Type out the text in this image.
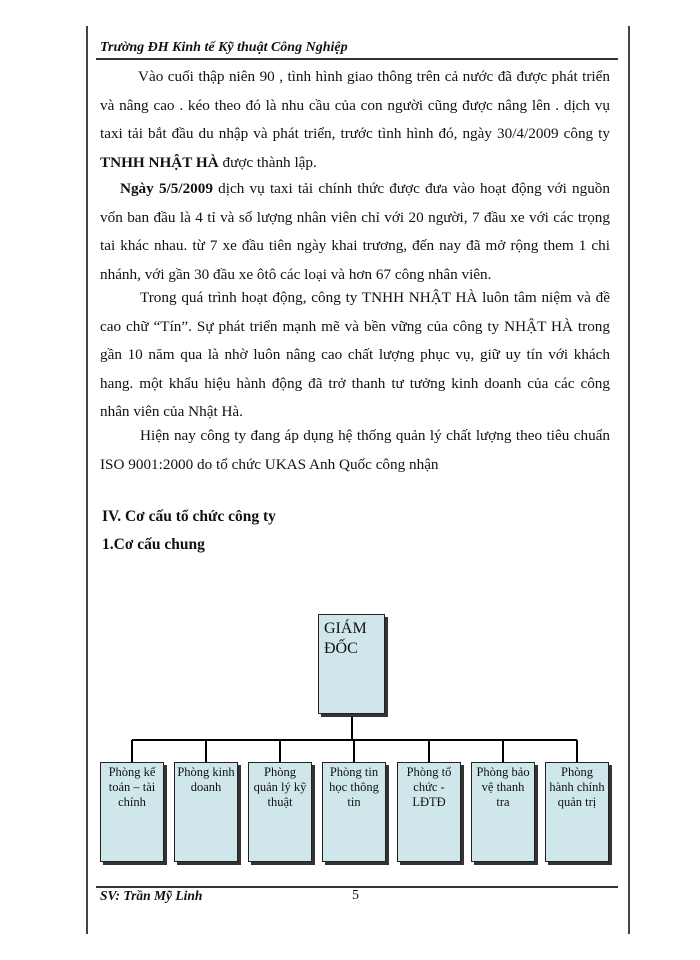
Trường ĐH Kinh tế Kỹ thuật Công Nghiệp

Vào cuối thập niên 90 , tình hình giao thông trên cả nước đã được phát triển và nâng cao . kéo theo đó là nhu cầu của con người cũng được nâng lên . dịch vụ taxi tải bắt đầu du nhập và phát triển, trước tình hình đó, ngày 30/4/2009 công ty TNHH NHẬT HÀ được thành lập.

Ngày 5/5/2009 dịch vụ taxi tải chính thức được đưa vào hoạt động với nguồn vốn ban đầu là 4 tỉ và số lượng nhân viên chỉ với 20 người, 7 đầu xe với các trọng tai khác nhau. từ 7 xe đầu tiên ngày khai trương, đến nay đã mở rộng them 1 chi nhánh, với gần 30 đầu xe ôtô các loại và hơn 67 công nhân viên.

Trong quá trình hoạt động, công ty TNHH NHẬT HÀ luôn tâm niệm và đề cao chữ “Tín”. Sự phát triển mạnh mẽ và bền vững của công ty NHẬT HÀ trong gần 10 năm qua là nhờ luôn nâng cao chất lượng phục vụ, giữ uy tín với khách hang. một khẩu hiệu hành động đã trở thanh tư tưởng kinh doanh của các công nhân viên của Nhật Hà.

Hiện nay công ty đang áp dụng hệ thống quản lý chất lượng theo tiêu chuẩn ISO 9001:2000 do tổ chức UKAS Anh Quốc công nhận

IV. Cơ cấu tổ chức công ty
1.Cơ cấu chung
GIÁM ĐỐC
Phòng kế toán – tài chính
Phòng kinh doanh
Phòng quản lý kỹ thuật
Phòng tin học thông tin
Phòng tổ chức - LĐTĐ
Phòng bảo vệ thanh tra
Phòng hành chính quản trị
SV: Trần Mỹ Linh	5
